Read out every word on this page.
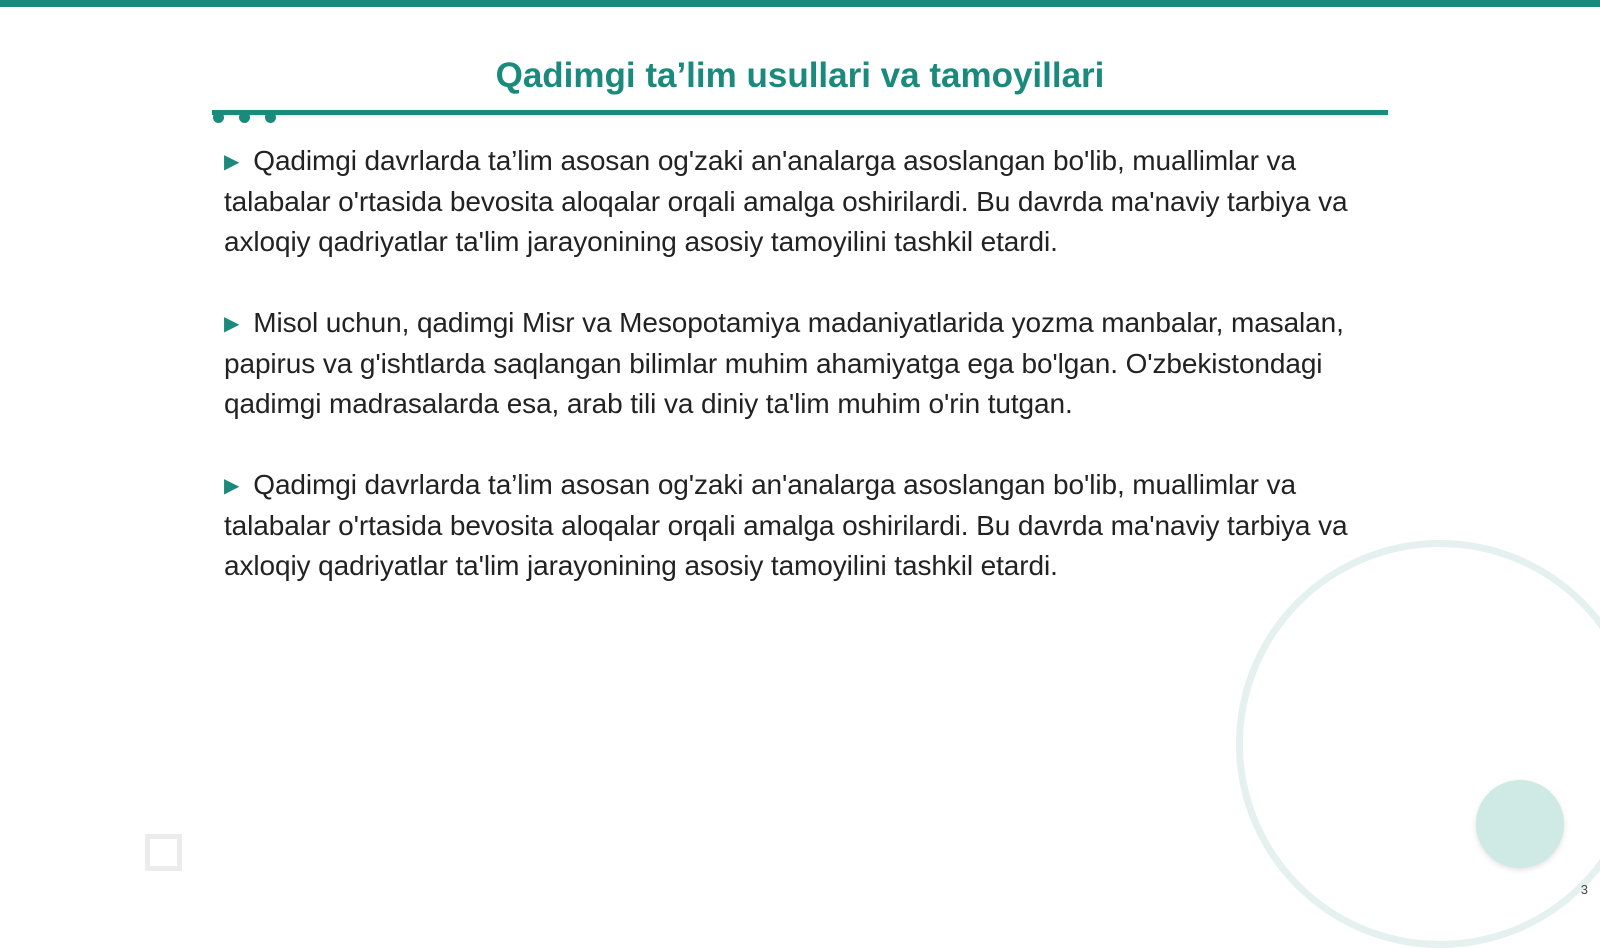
Qadimgi ta’lim usullari va tamoyillari

▶ Qadimgi davrlarda ta’lim asosan og'zaki an'analarga asoslangan bo'lib, muallimlar va talabalar o'rtasida bevosita aloqalar orqali amalga oshirilardi. Bu davrda ma'naviy tarbiya va axloqiy qadriyatlar ta'lim jarayonining asosiy tamoyilini tashkil etardi.

▶ Misol uchun, qadimgi Misr va Mesopotamiya madaniyatlarida yozma manbalar, masalan, papirus va g'ishtlarda saqlangan bilimlar muhim ahamiyatga ega bo'lgan. O'zbekistondagi qadimgi madrasalarda esa, arab tili va diniy ta'lim muhim o'rin tutgan.

▶ Qadimgi davrlarda ta’lim asosan og'zaki an'analarga asoslangan bo'lib, muallimlar va talabalar o'rtasida bevosita aloqalar orqali amalga oshirilardi. Bu davrda ma'naviy tarbiya va axloqiy qadriyatlar ta'lim jarayonining asosiy tamoyilini tashkil etardi.

3
